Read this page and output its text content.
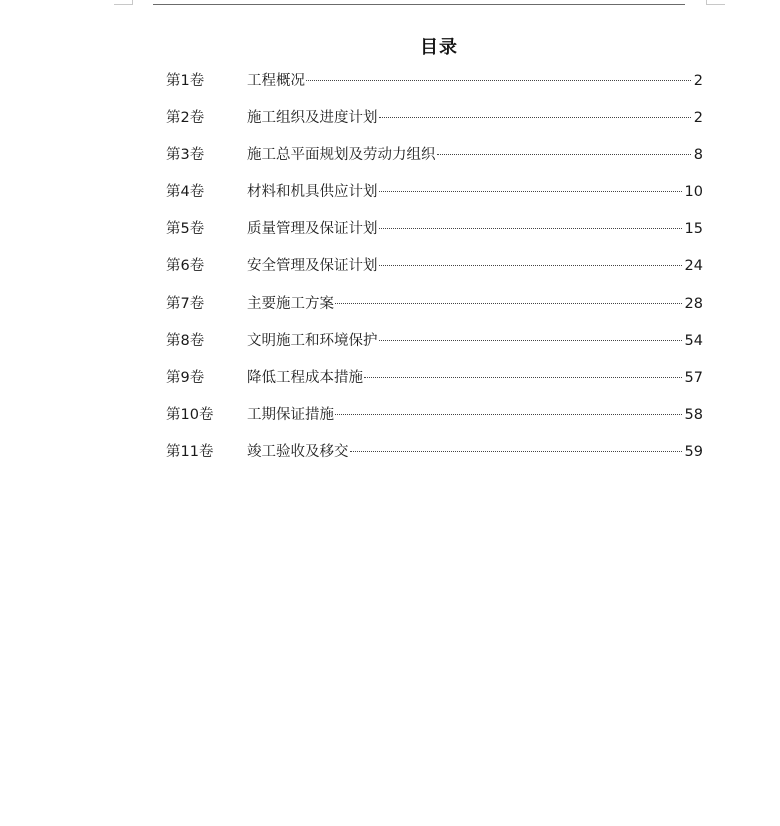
目录
第1卷	工程概况	2
第2卷	施工组织及进度计划	2
第3卷	施工总平面规划及劳动力组织	8
第4卷	材料和机具供应计划	10
第5卷	质量管理及保证计划	15
第6卷	安全管理及保证计划	24
第7卷	主要施工方案	28
第8卷	文明施工和环境保护	54
第9卷	降低工程成本措施	57
第10卷	工期保证措施	58
第11卷	竣工验收及移交	59
